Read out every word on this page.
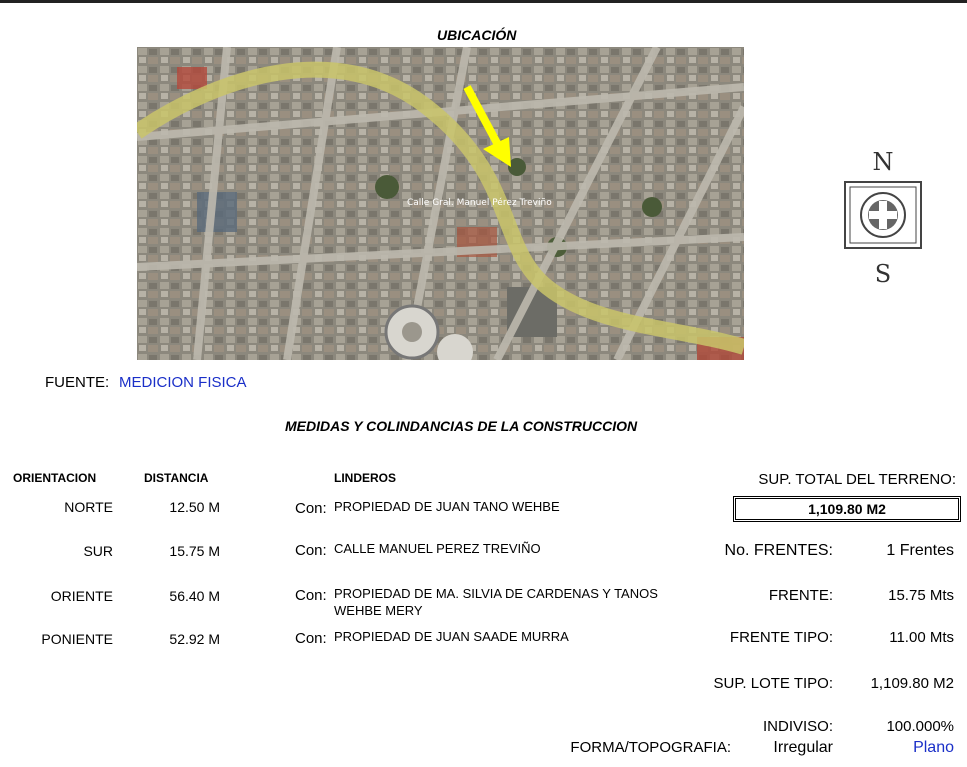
UBICACIÓN
Calle Gral. Manuel Pérez Treviño
FUENTE: MEDICION FISICA
MEDIDAS Y COLINDANCIAS DE LA CONSTRUCCION
N
S
ORIENTACION	DISTANCIA	LINDEROS
NORTE	12.50 M	Con: PROPIEDAD DE JUAN TANO WEHBE
SUR	15.75 M	Con: CALLE MANUEL PEREZ TREVIÑO
ORIENTE	56.40 M	Con: PROPIEDAD DE MA. SILVIA DE CARDENAS Y TANOS
WEHBE MERY
PONIENTE	52.92 M	Con: PROPIEDAD DE JUAN SAADE MURRA
SUP. TOTAL DEL TERRENO:
1,109.80 M2
No. FRENTES:	1 Frentes
FRENTE:	15.75 Mts
FRENTE TIPO:	11.00 Mts
SUP. LOTE TIPO:	1,109.80 M2
INDIVISO:	100.000%
FORMA/TOPOGRAFIA:	Irregular	Plano
